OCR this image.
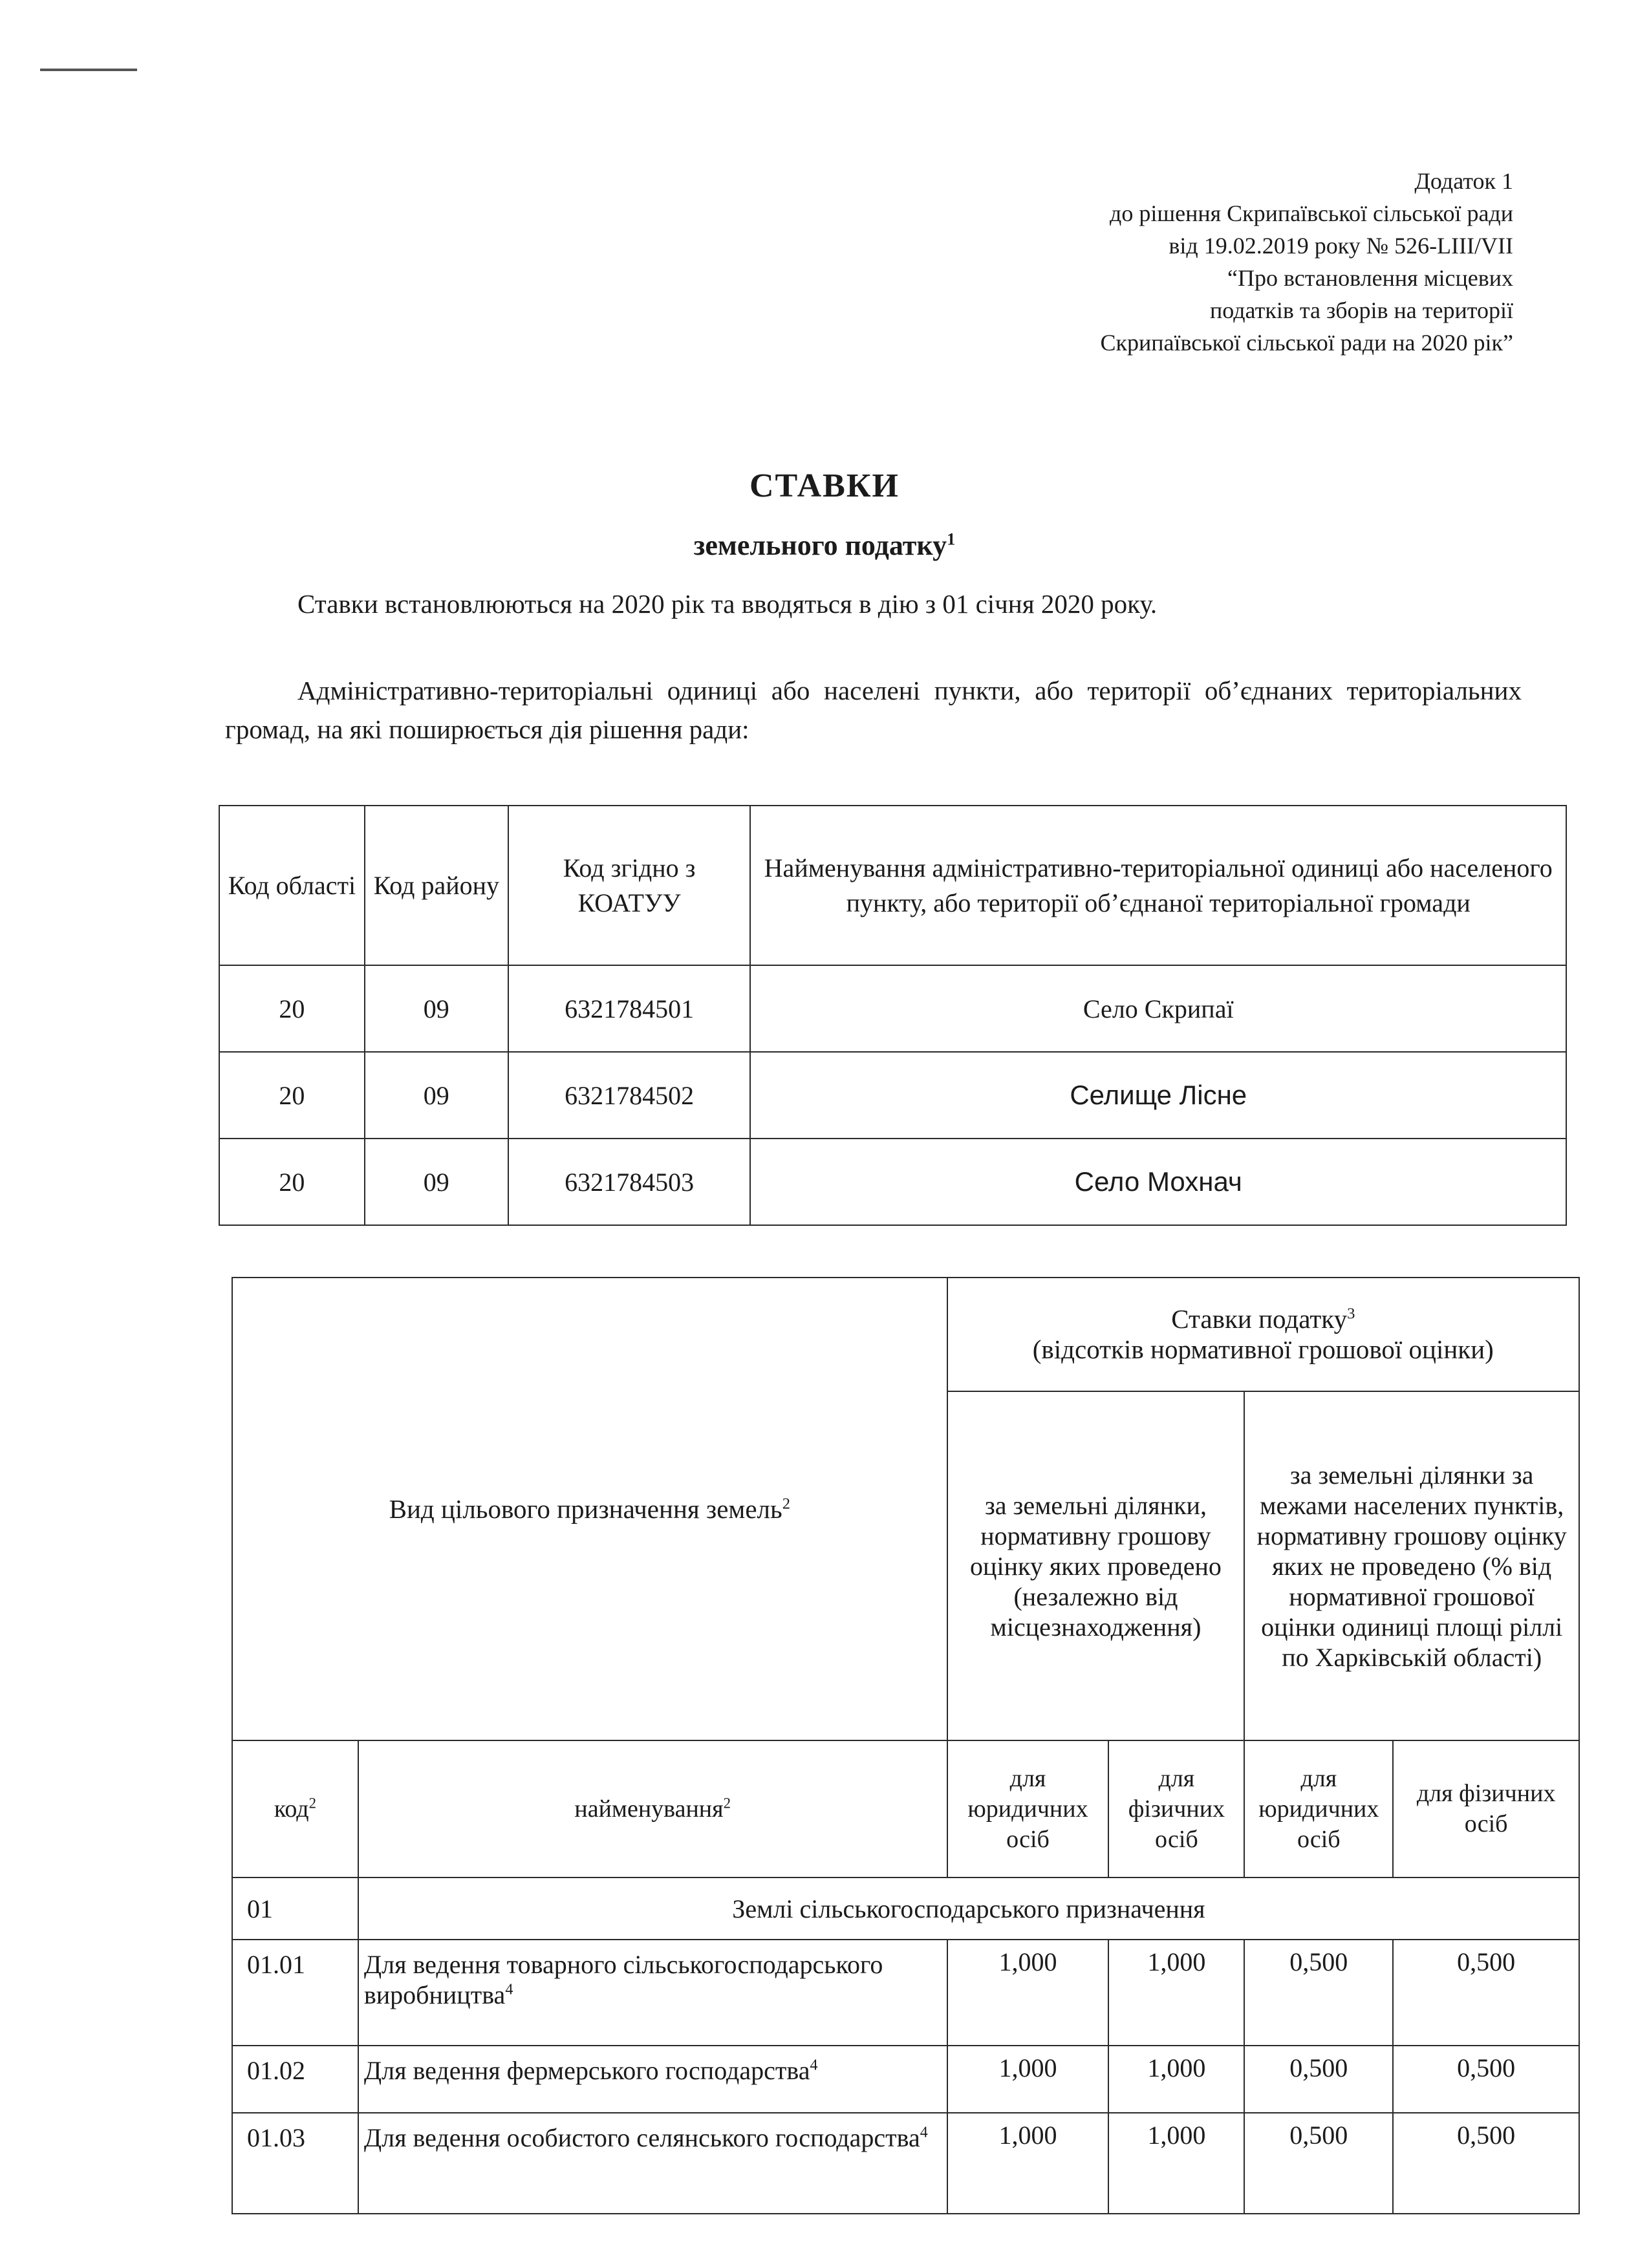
Додаток 1
до рішення Скрипаївської сільської ради
від 19.02.2019 року № 526-LIII/VII
“Про встановлення місцевих
податків та зборів на території
Скрипаївської сільської ради на 2020 рік”
СТАВКИ
земельного податку$^1$
Ставки встановлюються на 2020 рік та вводяться в дію з 01 січня 2020 року.
Адміністративно-територіальні одиниці або населені пункти, або території об’єднаних територіальних громад, на які поширюється дія рішення ради:
Код області	Код району	Код згідно з КОАТУУ	Найменування адміністративно-територіальної одиниці або населеного пункту, або території об’єднаної територіальної громади
20	09	6321784501	Село Скрипаї
20	09	6321784502	Селище Лісне
20	09	6321784503	Село Мохнач
Вид цільового призначення земель$^2$		Ставки податку$^3$
(відсотків нормативної грошової оцінки)			
		за земельні ділянки, нормативну грошову оцінку яких проведено (незалежно від місцезнаходження)		за земельні ділянки за межами населених пунктів, нормативну грошову оцінку яких не проведено (% від нормативної грошової оцінки одиниці площі ріллі по Харківській області)	
код$^2$	найменування$^2$	для юридичних осіб	для фізичних осіб	для юридичних осіб	для фізичних осіб
01	Землі сільськогосподарського призначення				
01.01	Для ведення товарного сільськогосподарського виробництва$^4$	1,000	1,000	0,500	0,500
01.02	Для ведення фермерського господарства$^4$	1,000	1,000	0,500	0,500
01.03	Для ведення особистого селянського господарства$^4$	1,000	1,000	0,500	0,500
